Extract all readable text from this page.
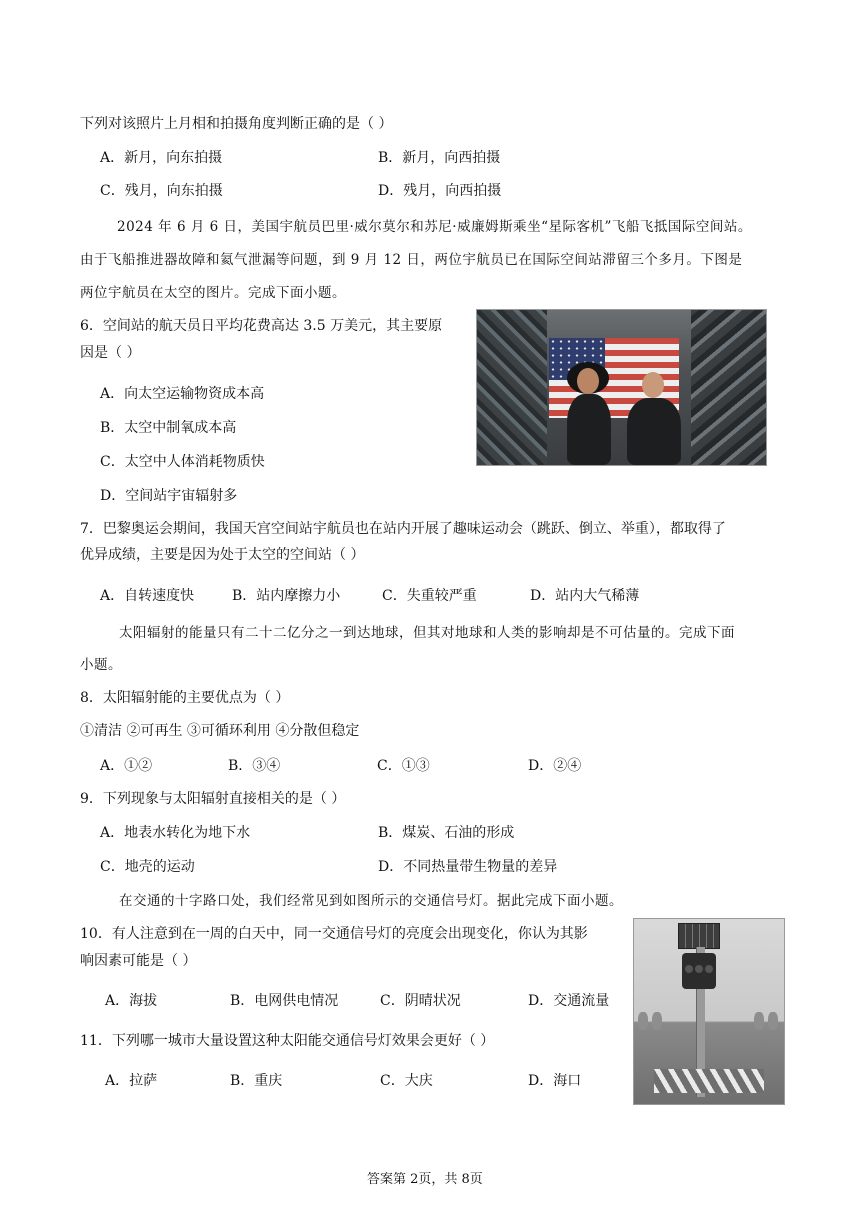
下列对该照片上月相和拍摄角度判断正确的是（ ）
A．新月，向东拍摄	B．新月，向西拍摄
C．残月，向东拍摄	D．残月，向西拍摄
2024 年 6 月 6 日，美国宇航员巴里·威尔莫尔和苏尼·威廉姆斯乘坐“星际客机”飞船飞抵国际空间站。
由于飞船推进器故障和氦气泄漏等问题，到 9 月 12 日，两位宇航员已在国际空间站滞留三个多月。下图是
两位宇航员在太空的图片。完成下面小题。
6．空间站的航天员日平均花费高达 3.5 万美元，其主要原
因是（ ）
A．向太空运输物资成本高
B．太空中制氧成本高
C．太空中人体消耗物质快
D．空间站宇宙辐射多
7．巴黎奥运会期间，我国天宫空间站宇航员也在站内开展了趣味运动会（跳跃、倒立、举重），都取得了
优异成绩，主要是因为处于太空的空间站（ ）
A．自转速度快	B．站内摩擦力小	C．失重较严重	D．站内大气稀薄
太阳辐射的能量只有二十二亿分之一到达地球，但其对地球和人类的影响却是不可估量的。完成下面
小题。
8．太阳辐射能的主要优点为（ ）
①清洁 ②可再生 ③可循环利用 ④分散但稳定
A．①②	B．③④	C．①③	D．②④
9．下列现象与太阳辐射直接相关的是（ ）
A．地表水转化为地下水	B．煤炭、石油的形成
C．地壳的运动	D．不同热量带生物量的差异
在交通的十字路口处，我们经常见到如图所示的交通信号灯。据此完成下面小题。
10．有人注意到在一周的白天中，同一交通信号灯的亮度会出现变化，你认为其影
响因素可能是（ ）
A．海拔	B．电网供电情况	C．阴晴状况	D．交通流量
11．下列哪一城市大量设置这种太阳能交通信号灯效果会更好（ ）
A．拉萨	B．重庆	C．大庆	D．海口
答案第 2页，共 8页
